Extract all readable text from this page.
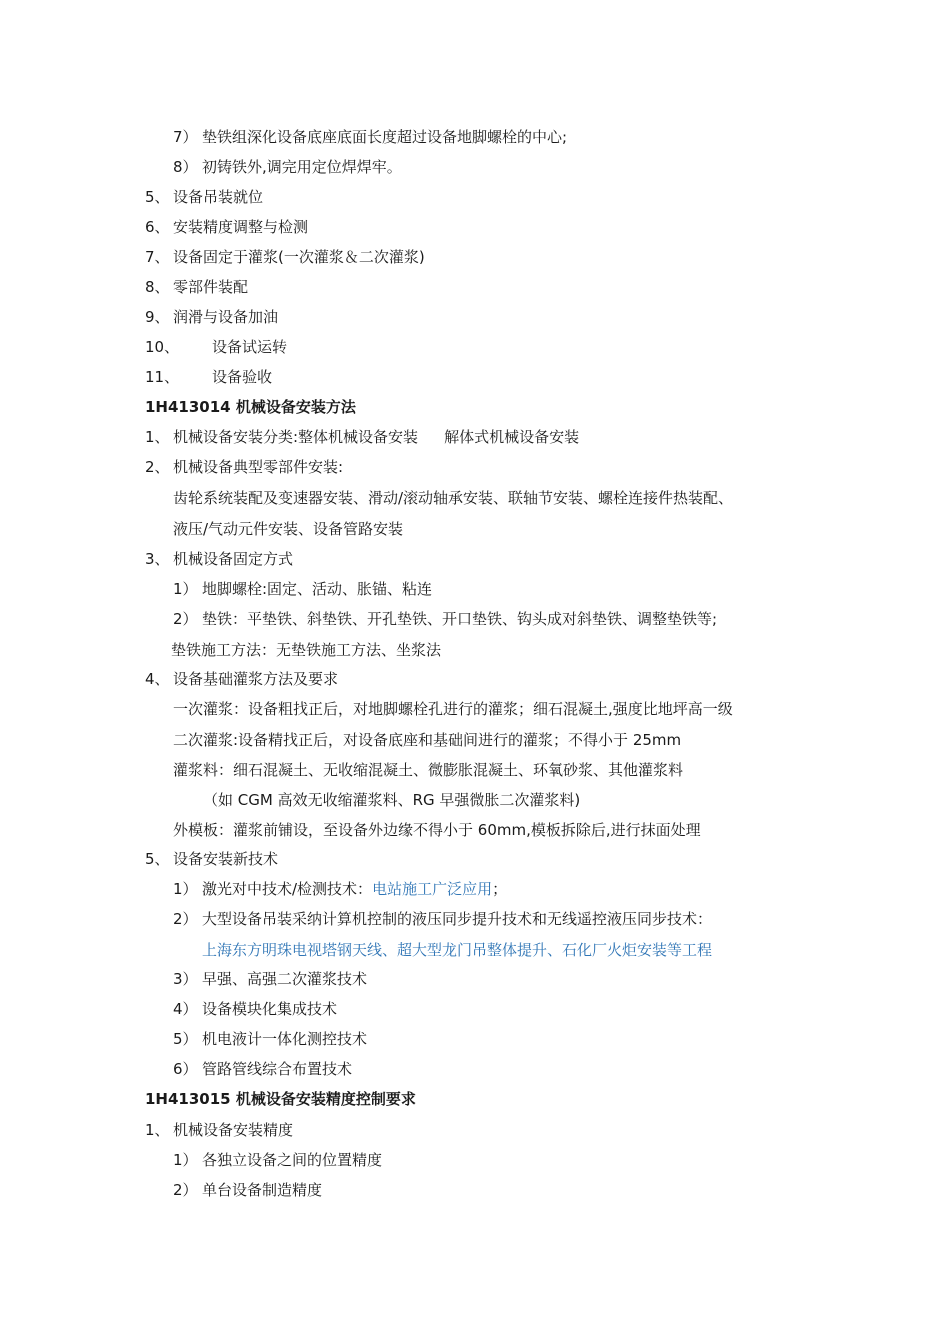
7） 垫铁组深化设备底座底面长度超过设备地脚螺栓的中心;
8） 初铸铁外,调完用定位焊焊牢。
5、 设备吊装就位
6、 安装精度调整与检测
7、 设备固定于灌浆(一次灌浆＆二次灌浆)
8、 零部件装配
9、 润滑与设备加油
10、 设备试运转
11、 设备验收
1H413014 机械设备安装方法
1、 机械设备安装分类:整体机械设备安装 解体式机械设备安装
2、 机械设备典型零部件安装:
齿轮系统装配及变速器安装、滑动/滚动轴承安装、联轴节安装、螺栓连接件热装配、
液压/气动元件安装、设备管路安装
3、 机械设备固定方式
1） 地脚螺栓:固定、活动、胀锚、粘连
2） 垫铁：平垫铁、斜垫铁、开孔垫铁、开口垫铁、钩头成对斜垫铁、调整垫铁等;
垫铁施工方法：无垫铁施工方法、坐浆法
4、 设备基础灌浆方法及要求
一次灌浆：设备粗找正后，对地脚螺栓孔进行的灌浆；细石混凝土,强度比地坪高一级
二次灌浆:设备精找正后，对设备底座和基础间进行的灌浆；不得小于 25mm
灌浆料：细石混凝土、无收缩混凝土、微膨胀混凝土、环氧砂浆、其他灌浆料
（如 CGM 高效无收缩灌浆料、RG 早强微胀二次灌浆料)
外模板：灌浆前铺设，至设备外边缘不得小于 60mm,模板拆除后,进行抹面处理
5、 设备安装新技术
1） 激光对中技术/检测技术：电站施工广泛应用；
2） 大型设备吊装采纳计算机控制的液压同步提升技术和无线遥控液压同步技术：
上海东方明珠电视塔钢天线、超大型龙门吊整体提升、石化厂火炬安装等工程
3） 早强、高强二次灌浆技术
4） 设备模块化集成技术
5） 机电液计一体化测控技术
6） 管路管线综合布置技术
1H413015 机械设备安装精度控制要求
1、 机械设备安装精度
1） 各独立设备之间的位置精度
2） 单台设备制造精度
